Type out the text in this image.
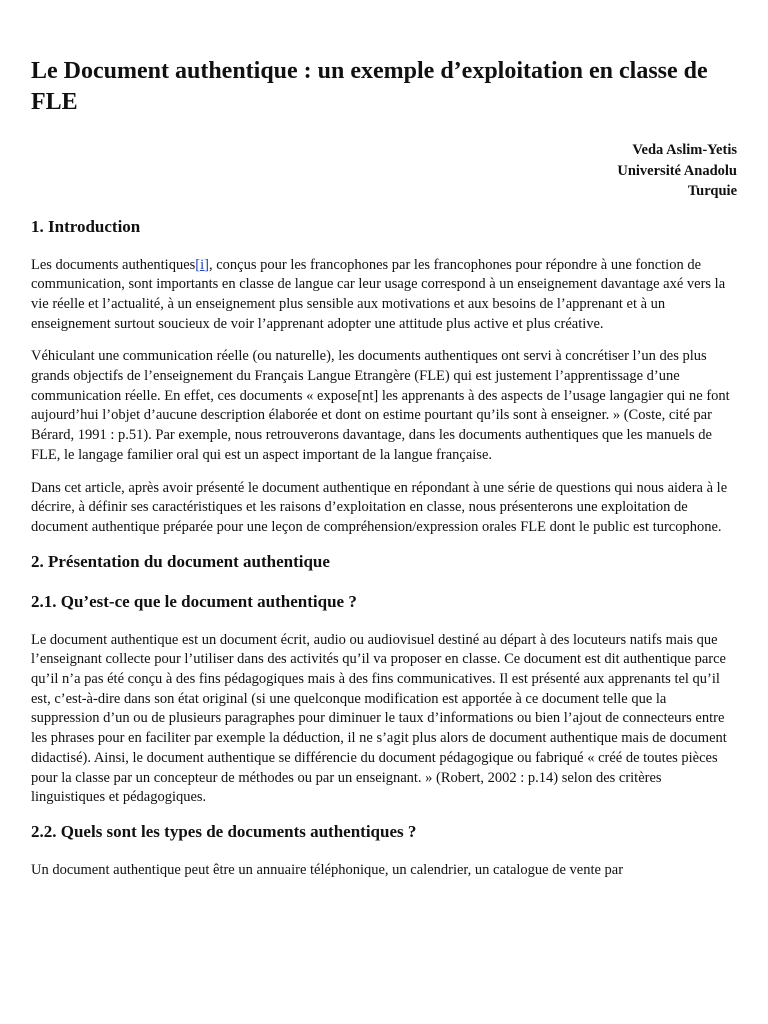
Le Document authentique : un exemple d’exploitation en classe de FLE
Veda Aslim-Yetis
Université Anadolu
Turquie
1. Introduction

Les documents authentiques[i], conçus pour les francophones par les francophones pour répondre à une fonction de communication, sont importants en classe de langue car leur usage correspond à un enseignement davantage axé vers la vie réelle et l’actualité, à un enseignement plus sensible aux motivations et aux besoins de l’apprenant et à un enseignement surtout soucieux de voir l’apprenant adopter une attitude plus active et plus créative.

Véhiculant une communication réelle (ou naturelle), les documents authentiques ont servi à concrétiser l’un des plus grands objectifs de l’enseignement du Français Langue Etrangère (FLE) qui est justement l’apprentissage d’une communication réelle. En effet, ces documents « expose[nt] les apprenants à des aspects de l’usage langagier qui ne font aujourd’hui l’objet d’aucune description élaborée et dont on estime pourtant qu’ils sont à enseigner. » (Coste, cité par Bérard, 1991 : p.51). Par exemple, nous retrouverons davantage, dans les documents authentiques que les manuels de FLE, le langage familier oral qui est un aspect important de la langue française.

Dans cet article, après avoir présenté le document authentique en répondant à une série de questions qui nous aidera à le décrire, à définir ses caractéristiques et les raisons d’exploitation en classe, nous présenterons une exploitation de document authentique préparée pour une leçon de compréhension/expression orales FLE dont le public est turcophone.

2. Présentation du document authentique
2.1. Qu’est-ce que le document authentique ?

Le document authentique est un document écrit, audio ou audiovisuel destiné au départ à des locuteurs natifs mais que l’enseignant collecte pour l’utiliser dans des activités qu’il va proposer en classe. Ce document est dit authentique parce qu’il n’a pas été conçu à des fins pédagogiques mais à des fins communicatives. Il est présenté aux apprenants tel qu’il est, c’est-à-dire dans son état original (si une quelconque modification est apportée à ce document telle que la suppression d’un ou de plusieurs paragraphes pour diminuer le taux d’informations ou bien l’ajout de connecteurs entre les phrases pour en faciliter par exemple la déduction, il ne s’agit plus alors de document authentique mais de document didactisé). Ainsi, le document authentique se différencie du document pédagogique ou fabriqué « créé de toutes pièces pour la classe par un concepteur de méthodes ou par un enseignant. » (Robert, 2002 : p.14) selon des critères linguistiques et pédagogiques.

2.2. Quels sont les types de documents authentiques ?

Un document authentique peut être un annuaire téléphonique, un calendrier, un catalogue de vente par
